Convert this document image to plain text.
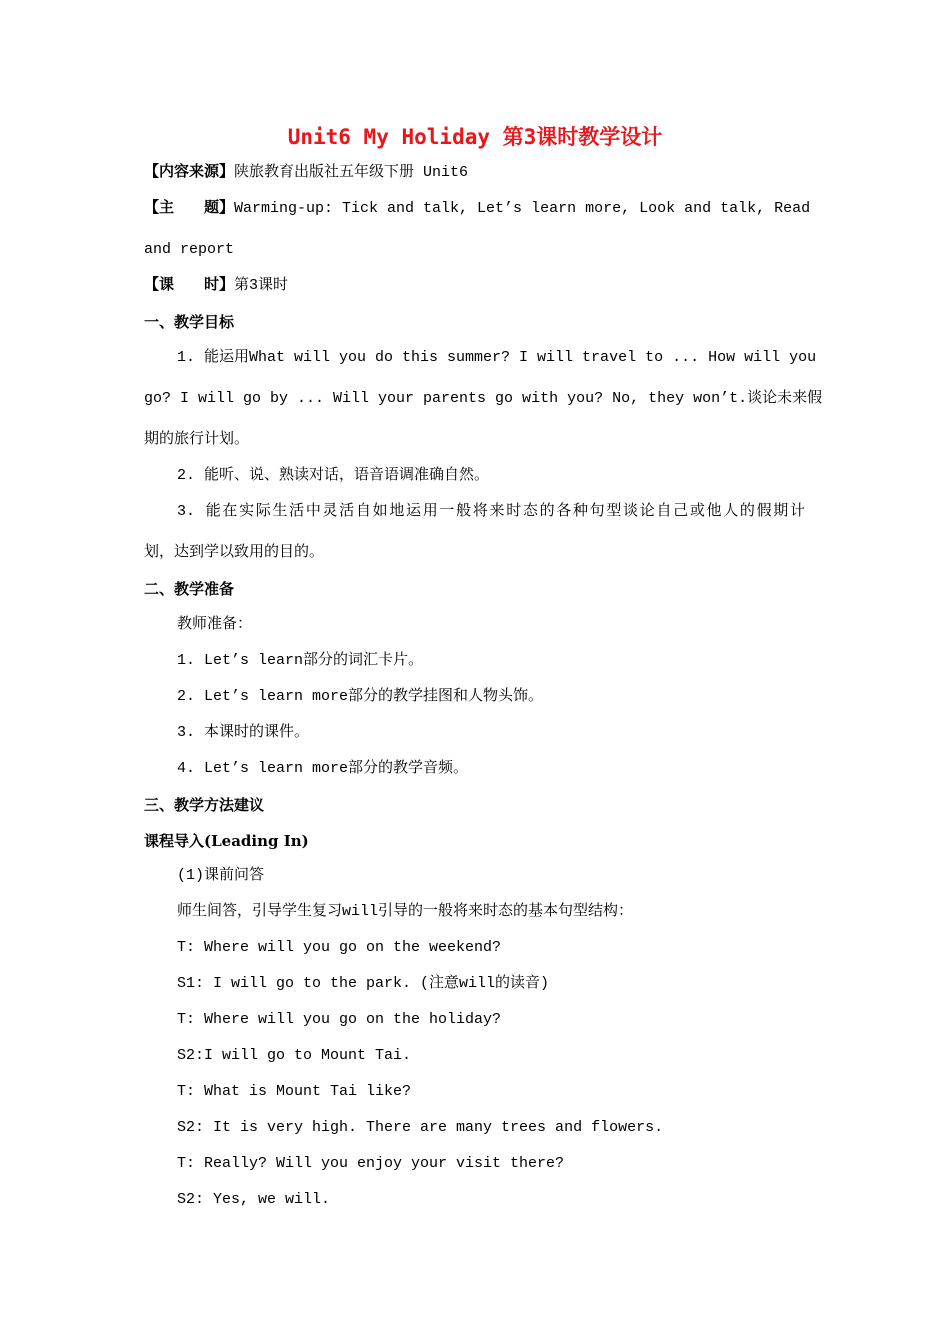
Unit6 My Holiday 第3课时教学设计
【内容来源】陕旅教育出版社五年级下册 Unit6
【主　　题】Warming-up: Tick and talk, Let’s learn more, Look and talk, Read
and report
【课　　时】第3课时
一、教学目标
1. 能运用What will you do this summer? I will travel to ... How will you
go? I will go by ... Will your parents go with you? No, they won’t.谈论未来假
期的旅行计划。
2. 能听、说、熟读对话，语音语调准确自然。
3. 能在实际生活中灵活自如地运用一般将来时态的各种句型谈论自己或他人的假期计
划，达到学以致用的目的。
二、教学准备
教师准备：
1. Let’s learn部分的词汇卡片。
2. Let’s learn more部分的教学挂图和人物头饰。
3. 本课时的课件。
4. Let’s learn more部分的教学音频。
三、教学方法建议
课程导入(Leading In)
(1)课前问答
师生间答，引导学生复习will引导的一般将来时态的基本句型结构：
T: Where will you go on the weekend?
S1: I will go to the park. (注意will的读音)
T: Where will you go on the holiday?
S2:I will go to Mount Tai.
T: What is Mount Tai like?
S2: It is very high. There are many trees and flowers.
T: Really? Will you enjoy your visit there?
S2: Yes, we will.
